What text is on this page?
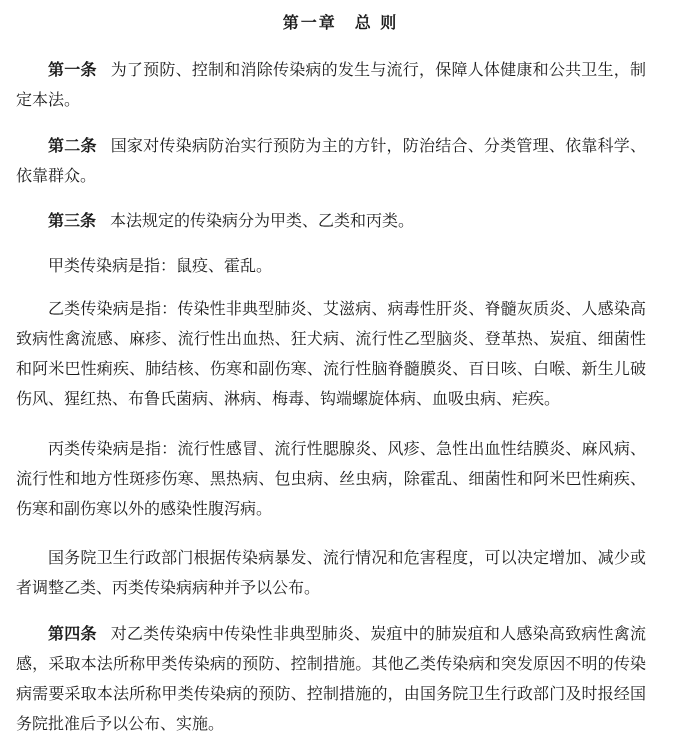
第一章　总 则

第一条 为了预防、控制和消除传染病的发生与流行，保障人体健康和公共卫生，制定本法。

第二条 国家对传染病防治实行预防为主的方针，防治结合、分类管理、依靠科学、依靠群众。

第三条 本法规定的传染病分为甲类、乙类和丙类。

甲类传染病是指：鼠疫、霍乱。

乙类传染病是指：传染性非典型肺炎、艾滋病、病毒性肝炎、脊髓灰质炎、人感染高致病性禽流感、麻疹、流行性出血热、狂犬病、流行性乙型脑炎、登革热、炭疽、细菌性和阿米巴性痢疾、肺结核、伤寒和副伤寒、流行性脑脊髓膜炎、百日咳、白喉、新生儿破伤风、猩红热、布鲁氏菌病、淋病、梅毒、钩端螺旋体病、血吸虫病、疟疾。

丙类传染病是指：流行性感冒、流行性腮腺炎、风疹、急性出血性结膜炎、麻风病、流行性和地方性斑疹伤寒、黑热病、包虫病、丝虫病，除霍乱、细菌性和阿米巴性痢疾、伤寒和副伤寒以外的感染性腹泻病。

国务院卫生行政部门根据传染病暴发、流行情况和危害程度，可以决定增加、减少或者调整乙类、丙类传染病病种并予以公布。

第四条 对乙类传染病中传染性非典型肺炎、炭疽中的肺炭疽和人感染高致病性禽流感，采取本法所称甲类传染病的预防、控制措施。其他乙类传染病和突发原因不明的传染病需要采取本法所称甲类传染病的预防、控制措施的，由国务院卫生行政部门及时报经国务院批准后予以公布、实施。
